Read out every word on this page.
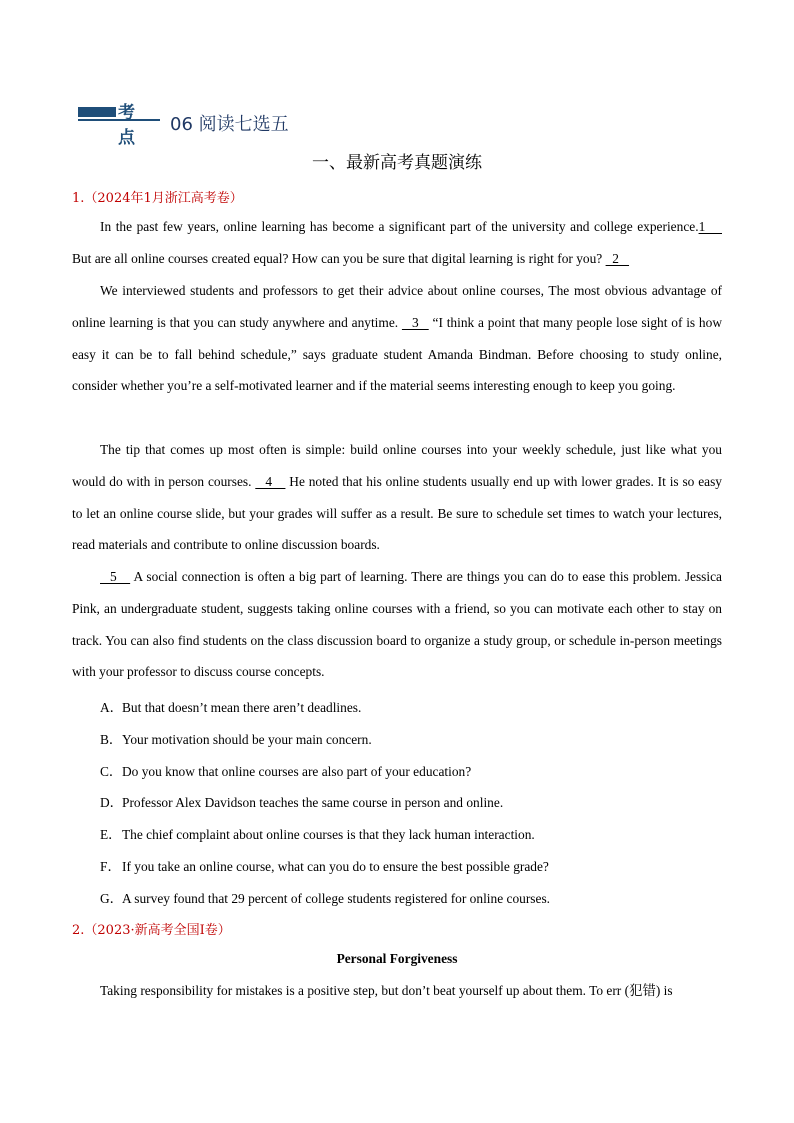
考点
06 阅读七选五
一、最新高考真题演练
1.（2024年1月浙江高考卷）

In the past few years, online learning has become a significant part of the university and college experience.1      But are all online courses created equal? How can you be sure that digital learning is right for you?   2

We interviewed students and professors to get their advice about online courses, The most obvious advantage of online learning is that you can study anywhere and anytime.    3    “I think a point that many people lose sight of is how easy it can be to fall behind schedule,” says graduate student Amanda Bindman. Before choosing to study online, consider whether you’re a self-motivated learner and if the material seems interesting enough to keep you going.

The tip that comes up most often is simple: build online courses into your weekly schedule, just like what you would do with in person courses.    4     He noted that his online students usually end up with lower grades. It is so easy to let an online course slide, but your grades will suffer as a result. Be sure to schedule set times to watch your lectures, read materials and contribute to online discussion boards.

5     A social connection is often a big part of learning. There are things you can do to ease this problem. Jessica Pink, an undergraduate student, suggests taking online courses with a friend, so you can motivate each other to stay on track. You can also find students on the class discussion board to organize a study group, or schedule in-person meetings with your professor to discuss course concepts.

A．But that doesn’t mean there aren’t deadlines.
B．Your motivation should be your main concern.
C．Do you know that online courses are also part of your education?
D．Professor Alex Davidson teaches the same course in person and online.
E．The chief complaint about online courses is that they lack human interaction.
F．If you take an online course, what can you do to ensure the best possible grade?
G．A survey found that 29 percent of college students registered for online courses.
2.（2023·新高考全国Ⅰ卷）
Personal Forgiveness

Taking responsibility for mistakes is a positive step, but don’t beat yourself up about them. To err (犯错) is
